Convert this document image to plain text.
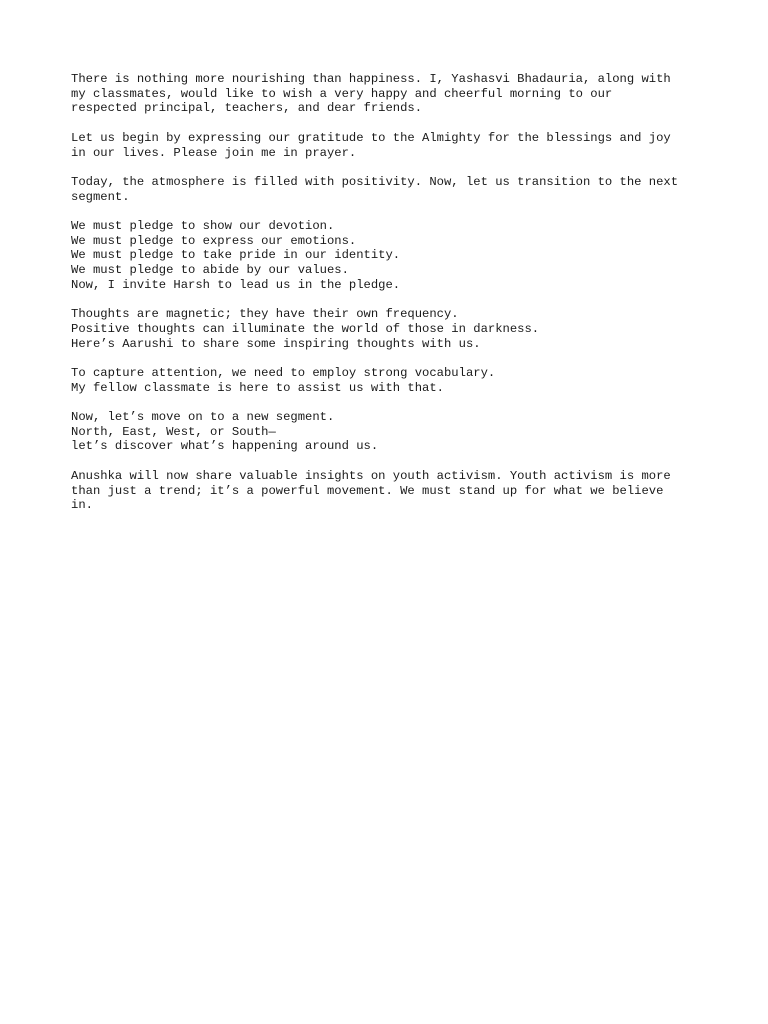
There is nothing more nourishing than happiness. I, Yashasvi Bhadauria, along with
my classmates, would like to wish a very happy and cheerful morning to our
respected principal, teachers, and dear friends.

Let us begin by expressing our gratitude to the Almighty for the blessings and joy
in our lives. Please join me in prayer.

Today, the atmosphere is filled with positivity. Now, let us transition to the next
segment.

We must pledge to show our devotion.
We must pledge to express our emotions.
We must pledge to take pride in our identity.
We must pledge to abide by our values.
Now, I invite Harsh to lead us in the pledge.

Thoughts are magnetic; they have their own frequency.
Positive thoughts can illuminate the world of those in darkness.
Here’s Aarushi to share some inspiring thoughts with us.

To capture attention, we need to employ strong vocabulary.
My fellow classmate is here to assist us with that.

Now, let’s move on to a new segment.
North, East, West, or South—
let’s discover what’s happening around us.

Anushka will now share valuable insights on youth activism. Youth activism is more
than just a trend; it’s a powerful movement. We must stand up for what we believe
in.
